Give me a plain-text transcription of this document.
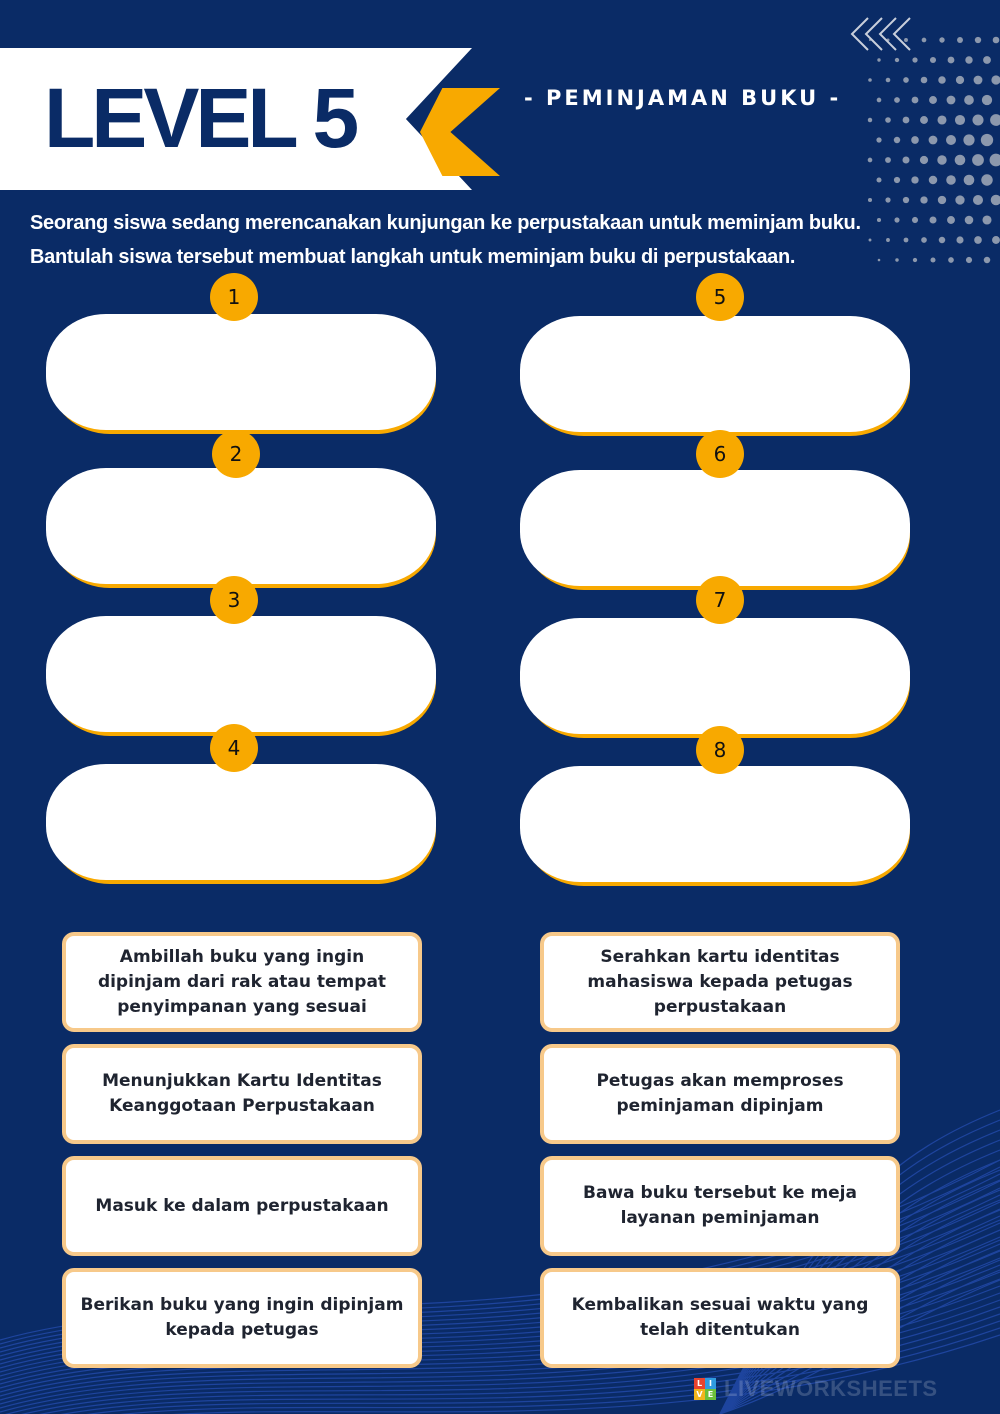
LEVEL 5	- PEMINJAMAN BUKU -
Seorang siswa sedang merencanakan kunjungan ke perpustakaan untuk meminjam buku.
Bantulah siswa tersebut membuat langkah untuk meminjam buku di perpustakaan.
1
2
3
4
5
6
7
8
Ambillah buku yang ingin dipinjam dari rak atau tempat penyimpanan yang sesuai
Menunjukkan Kartu Identitas Keanggotaan Perpustakaan
Masuk ke dalam perpustakaan
Berikan buku yang ingin dipinjam kepada petugas
Serahkan kartu identitas mahasiswa kepada petugas perpustakaan
Petugas akan memproses peminjaman dipinjam
Bawa buku tersebut ke meja layanan peminjaman
Kembalikan sesuai waktu yang telah ditentukan
L I
V E LIVEWORKSHEETS
